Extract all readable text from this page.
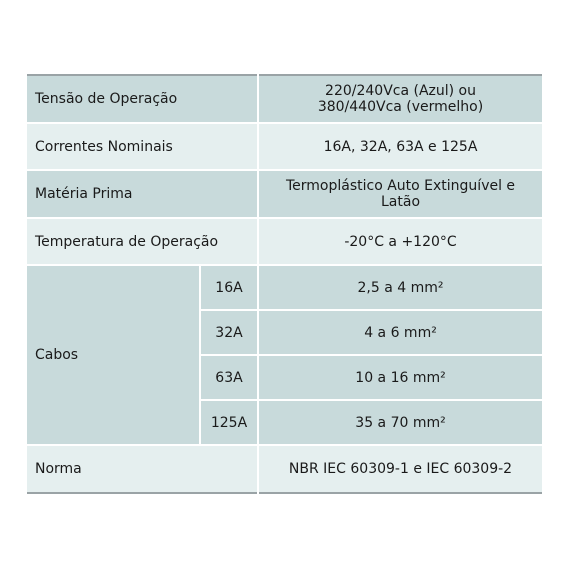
Tensão de Operação		220/240Vca (Azul) ou
380/440Vca (vermelho)
Correntes Nominais		16A, 32A, 63A e 125A
Matéria Prima		Termoplástico Auto Extinguível e
Latão
Temperatura de Operação		-20°C a +120°C
Cabos	16A	2,5 a 4 mm²
	32A	4 a 6 mm²
	63A	10 a 16 mm²
	125A	35 a 70 mm²
Norma		NBR IEC 60309-1 e IEC 60309-2
